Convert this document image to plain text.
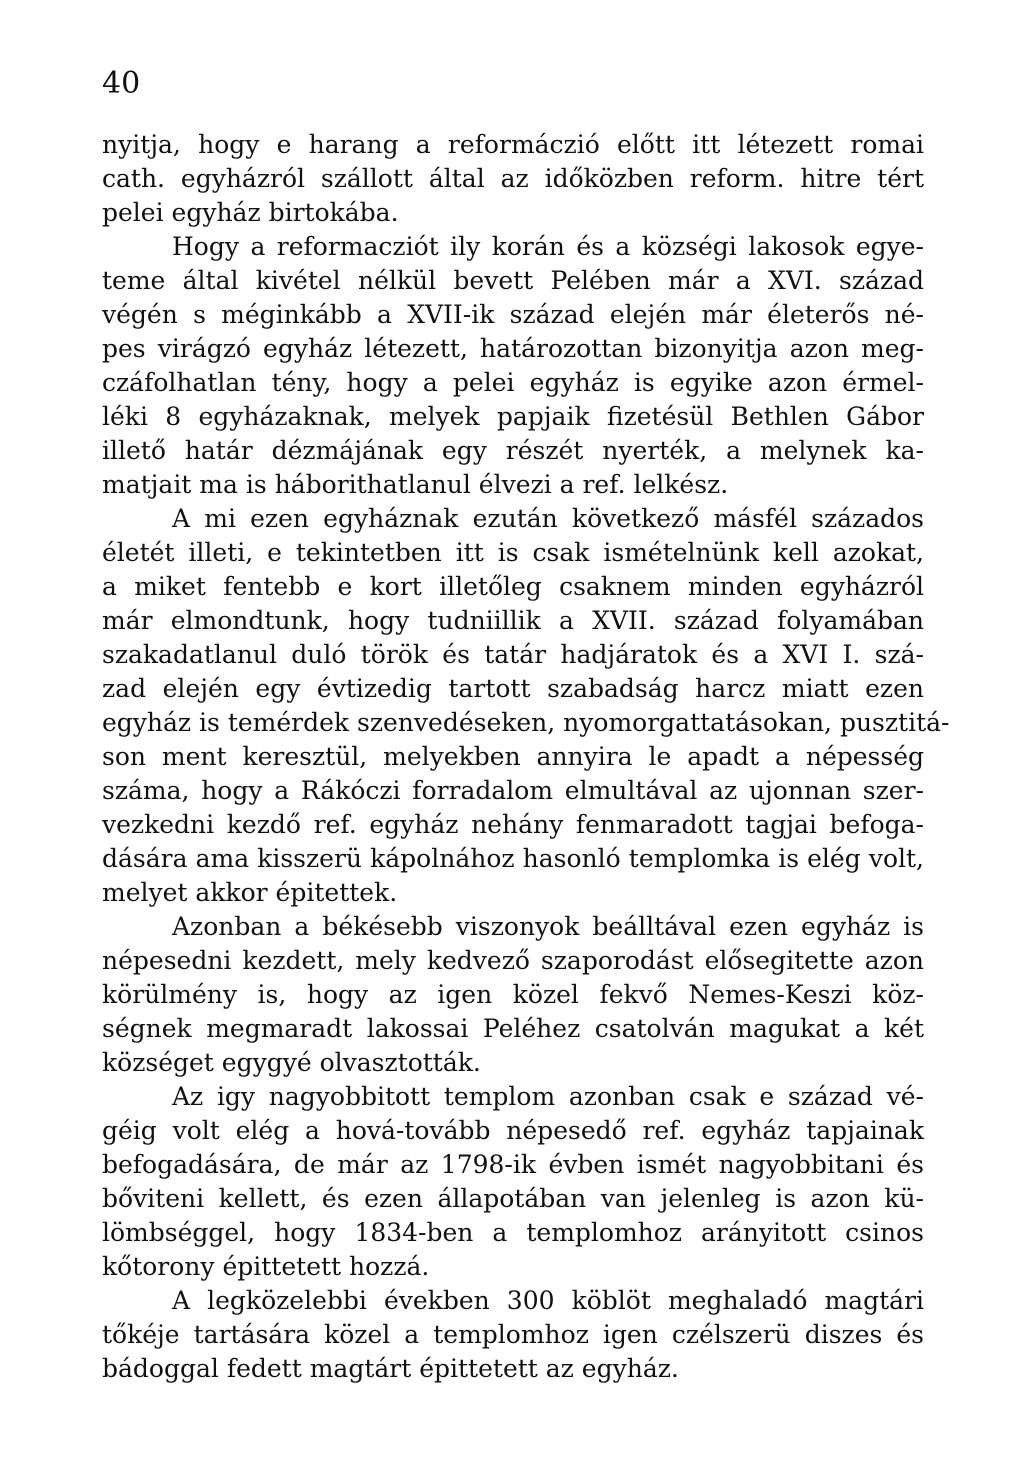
40
nyitja, hogy e harang a reformáczió előtt itt létezett romai
cath. egyházról szállott által az időközben reform. hitre tért
pelei egyház birtokába.
Hogy a reformacziót ily korán és a községi lakosok egye-
teme által kivétel nélkül bevett Pelében már a XVI. század
végén s méginkább a XVII-ik század elején már életerős né-
pes virágzó egyház létezett, határozottan bizonyitja azon meg-
czáfolhatlan tény, hogy a pelei egyház is egyike azon érmel-
léki 8 egyházaknak, melyek papjaik fizetésül Bethlen Gábor
illető határ dézmájának egy részét nyerték, a melynek ka-
matjait ma is háborithatlanul élvezi a ref. lelkész.
A mi ezen egyháznak ezután következő másfél százados
életét illeti, e tekintetben itt is csak ismételnünk kell azokat,
a miket fentebb e kort illetőleg csaknem minden egyházról
már elmondtunk, hogy tudniillik a XVII. század folyamában
szakadatlanul duló török és tatár hadjáratok és a XVI I. szá-
zad elején egy évtizedig tartott szabadság harcz miatt ezen
egyház is temérdek szenvedéseken, nyomorgattatásokan, pusztitá-
son ment keresztül, melyekben annyira le apadt a népesség
száma, hogy a Rákóczi forradalom elmultával az ujonnan szer-
vezkedni kezdő ref. egyház nehány fenmaradott tagjai befoga-
dására ama kisszerü kápolnához hasonló templomka is elég volt,
melyet akkor épitettek.
Azonban a békésebb viszonyok beálltával ezen egyház is
népesedni kezdett, mely kedvező szaporodást elősegitette azon
körülmény is, hogy az igen közel fekvő Nemes-Keszi köz-
ségnek megmaradt lakossai Peléhez csatolván magukat a két
községet egygyé olvasztották.
Az igy nagyobbitott templom azonban csak e század vé-
géig volt elég a hová-tovább népesedő ref. egyház tapjainak
befogadására, de már az 1798-ik évben ismét nagyobbitani és
bőviteni kellett, és ezen állapotában van jelenleg is azon kü-
lömbséggel, hogy 1834-ben a templomhoz arányitott csinos
kőtorony épittetett hozzá.
A legközelebbi években 300 köblöt meghaladó magtári
tőkéje tartására közel a templomhoz igen czélszerü diszes és
bádoggal fedett magtárt épittetett az egyház.
